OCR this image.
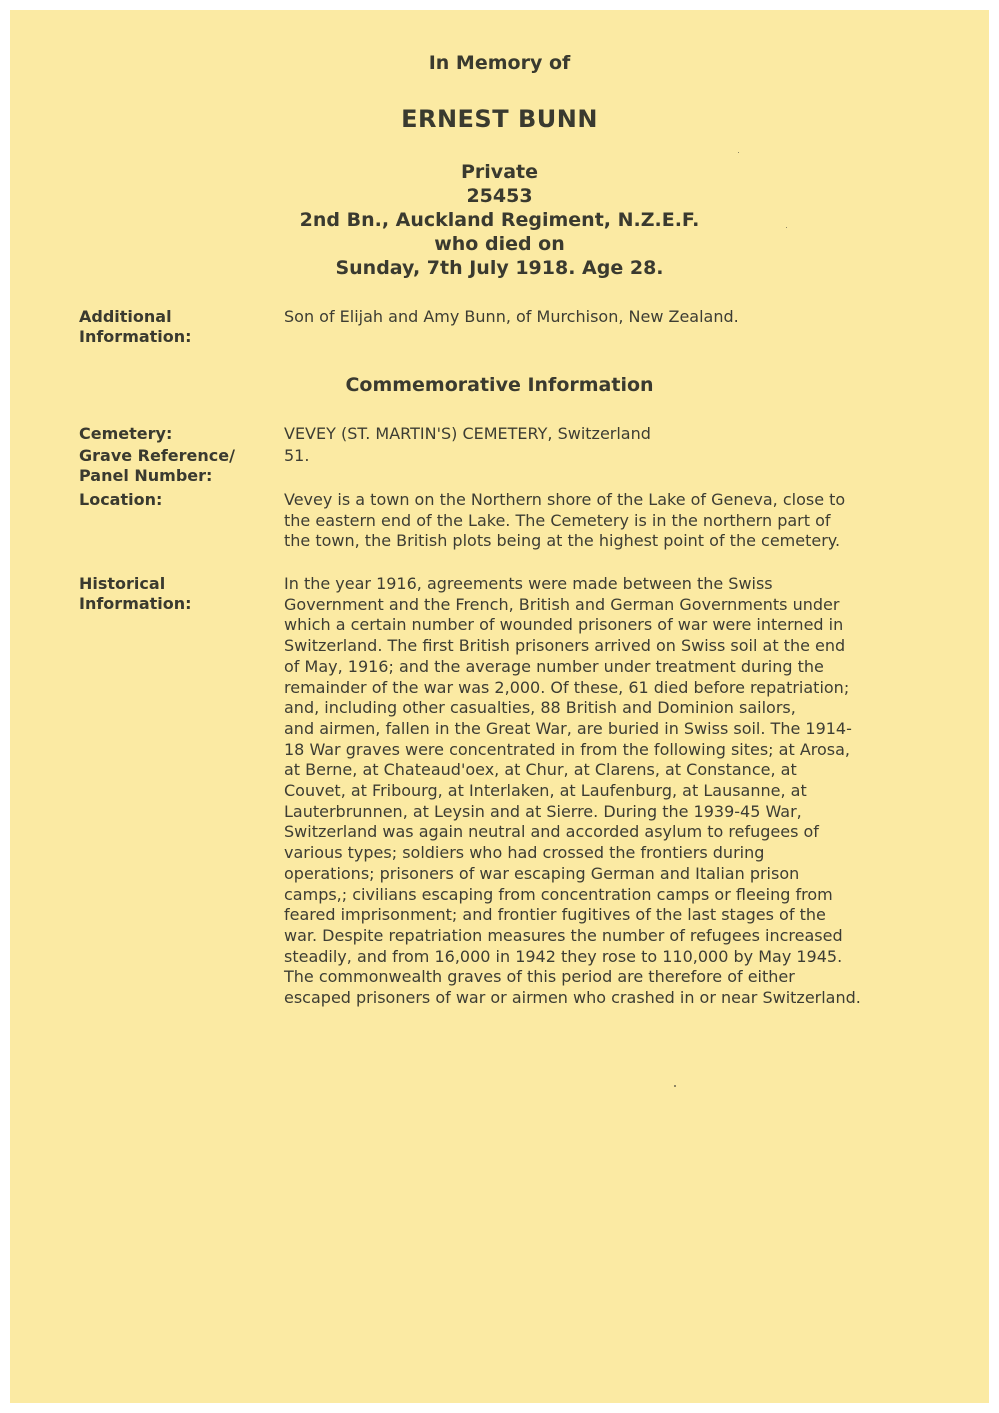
In Memory of
ERNEST BUNN
Private
25453
2nd Bn., Auckland Regiment, N.Z.E.F.
who died on
Sunday, 7th July 1918. Age 28.
Additional
Information:
Son of Elijah and Amy Bunn, of Murchison, New Zealand.
Commemorative Information
Cemetery:	VEVEY (ST. MARTIN'S) CEMETERY, Switzerland
Grave Reference/
Panel Number:
51.
Location:	Vevey is a town on the Northern shore of the Lake of Geneva, close to
the eastern end of the Lake. The Cemetery is in the northern part of
the town, the British plots being at the highest point of the cemetery.
Historical
Information:
In the year 1916, agreements were made between the Swiss
Government and the French, British and German Governments under
which a certain number of wounded prisoners of war were interned in
Switzerland. The first British prisoners arrived on Swiss soil at the end
of May, 1916; and the average number under treatment during the
remainder of the war was 2,000. Of these, 61 died before repatriation;
and, including other casualties, 88 British and Dominion sailors,
and airmen, fallen in the Great War, are buried in Swiss soil. The 1914-
18 War graves were concentrated in from the following sites; at Arosa,
at Berne, at Chateaud'oex, at Chur, at Clarens, at Constance, at
Couvet, at Fribourg, at Interlaken, at Laufenburg, at Lausanne, at
Lauterbrunnen, at Leysin and at Sierre. During the 1939-45 War,
Switzerland was again neutral and accorded asylum to refugees of
various types; soldiers who had crossed the frontiers during
operations; prisoners of war escaping German and Italian prison
camps,; civilians escaping from concentration camps or fleeing from
feared imprisonment; and frontier fugitives of the last stages of the
war. Despite repatriation measures the number of refugees increased
steadily, and from 16,000 in 1942 they rose to 110,000 by May 1945.
The commonwealth graves of this period are therefore of either
escaped prisoners of war or airmen who crashed in or near Switzerland.
